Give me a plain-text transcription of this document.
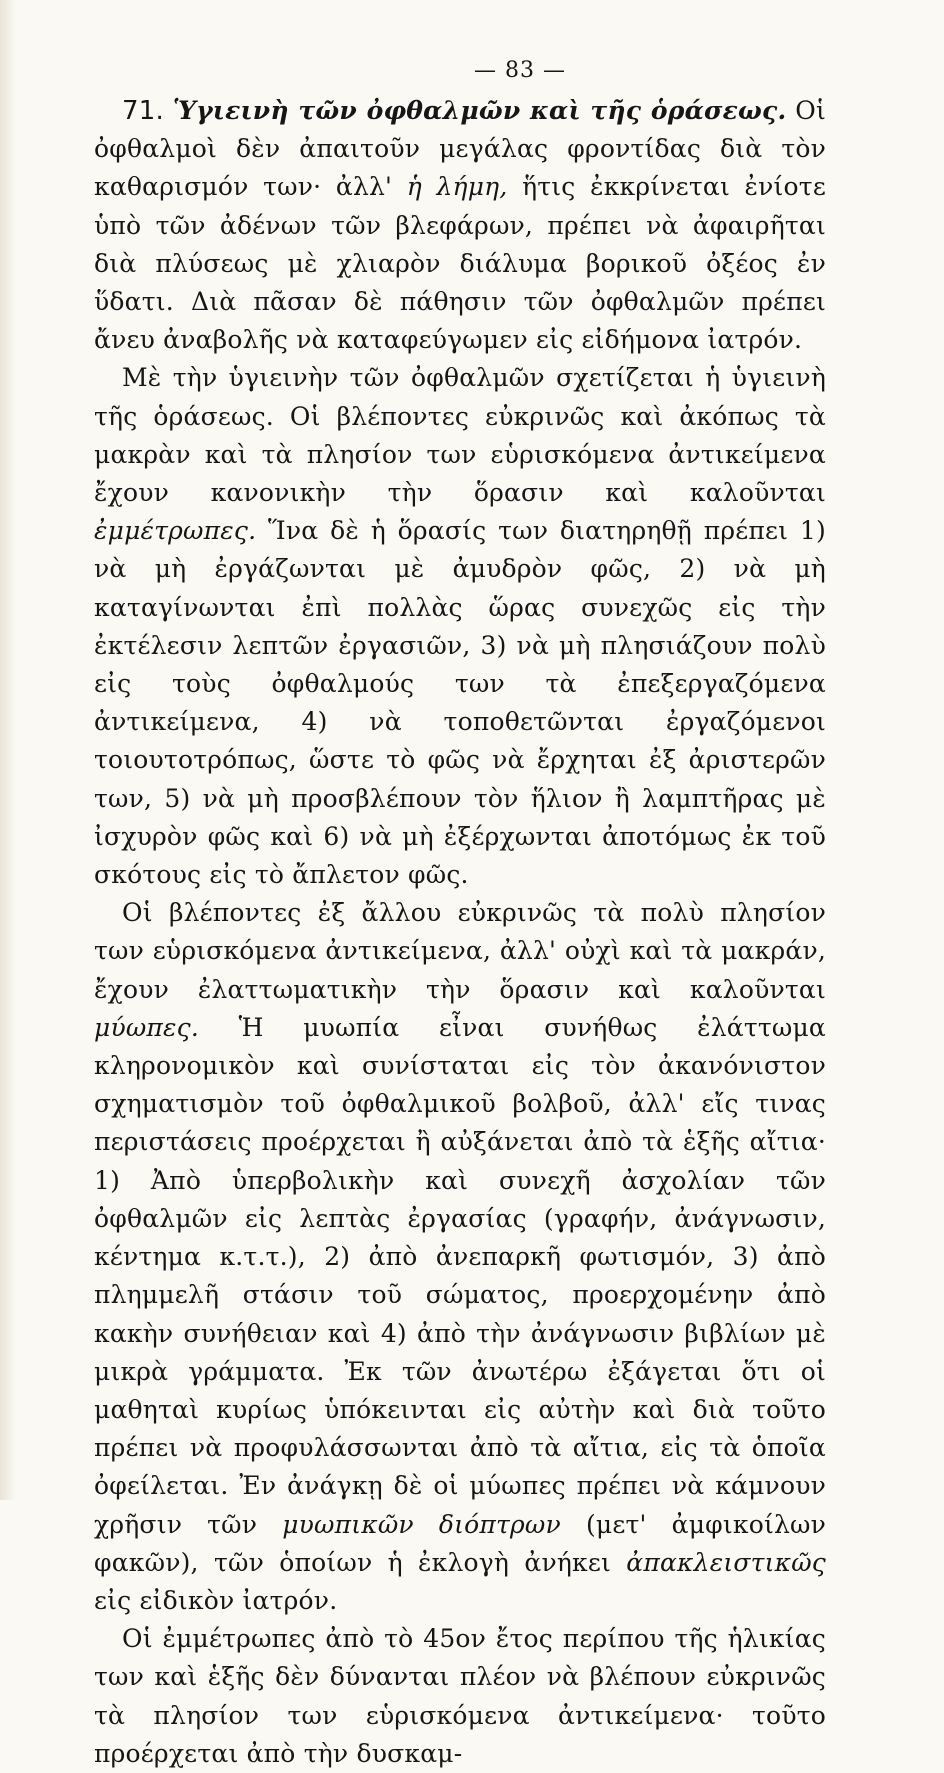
— 83 —

71. Ὑγιεινὴ τῶν ὀφθαλμῶν καὶ τῆς ὁράσεως. Οἱ ὀφθαλμοὶ δὲν ἀπαιτοῦν μεγάλας φροντίδας διὰ τὸν καθαρισμόν των· ἀλλ' ἡ λήμη, ἥτις ἐκκρίνεται ἐνίοτε ὑπὸ τῶν ἀδένων τῶν βλεφάρων, πρέπει νὰ ἀφαιρῆται διὰ πλύσεως μὲ χλιαρὸν διάλυμα βορικοῦ ὀξέος ἐν ὕδατι. Διὰ πᾶσαν δὲ πάθησιν τῶν ὀφθαλμῶν πρέπει ἄνευ ἀναβολῆς νὰ καταφεύγωμεν εἰς εἰδήμονα ἰατρόν.

Μὲ τὴν ὑγιεινὴν τῶν ὀφθαλμῶν σχετίζεται ἡ ὑγιεινὴ τῆς ὁράσεως. Οἱ βλέποντες εὐκρινῶς καὶ ἀκόπως τὰ μακρὰν καὶ τὰ πλησίον των εὑρισκόμενα ἀντικείμενα ἔχουν κανονικὴν τὴν ὅρασιν καὶ καλοῦνται ἐμμέτρωπες. Ἵνα δὲ ἡ ὅρασίς των διατηρηθῇ πρέπει 1) νὰ μὴ ἐργάζωνται μὲ ἀμυδρὸν φῶς, 2) νὰ μὴ καταγίνωνται ἐπὶ πολλὰς ὥρας συνεχῶς εἰς τὴν ἐκτέλεσιν λεπτῶν ἐργασιῶν, 3) νὰ μὴ πλησιάζουν πολὺ εἰς τοὺς ὀφθαλμούς των τὰ ἐπεξεργαζόμενα ἀντικείμενα, 4) νὰ τοποθετῶνται ἐργαζόμενοι τοιουτοτρόπως, ὥστε τὸ φῶς νὰ ἔρχηται ἐξ ἀριστερῶν των, 5) νὰ μὴ προσβλέπουν τὸν ἥλιον ἢ λαμπτῆρας μὲ ἰσχυρὸν φῶς καὶ 6) νὰ μὴ ἐξέρχωνται ἀποτόμως ἐκ τοῦ σκότους εἰς τὸ ἄπλετον φῶς.

Οἱ βλέποντες ἐξ ἄλλου εὐκρινῶς τὰ πολὺ πλησίον των εὑρισκόμενα ἀντικείμενα, ἀλλ' οὐχὶ καὶ τὰ μακράν, ἔχουν ἐλαττωματικὴν τὴν ὅρασιν καὶ καλοῦνται μύωπες. Ἡ μυωπία εἶναι συνήθως ἐλάττωμα κληρονομικὸν καὶ συνίσταται εἰς τὸν ἀκανόνιστον σχηματισμὸν τοῦ ὀφθαλμικοῦ βολβοῦ, ἀλλ' εἴς τινας περιστάσεις προέρχεται ἢ αὐξάνεται ἀπὸ τὰ ἑξῆς αἴτια· 1) Ἀπὸ ὑπερβολικὴν καὶ συνεχῆ ἀσχολίαν τῶν ὀφθαλμῶν εἰς λεπτὰς ἐργασίας (γραφήν, ἀνάγνωσιν, κέντημα κ.τ.τ.), 2) ἀπὸ ἀνεπαρκῆ φωτισμόν, 3) ἀπὸ πλημμελῆ στάσιν τοῦ σώματος, προερχομένην ἀπὸ κακὴν συνήθειαν καὶ 4) ἀπὸ τὴν ἀνάγνωσιν βιβλίων μὲ μικρὰ γράμματα. Ἐκ τῶν ἀνωτέρω ἐξάγεται ὅτι οἱ μαθηταὶ κυρίως ὑπόκεινται εἰς αὐτὴν καὶ διὰ τοῦτο πρέπει νὰ προφυλάσσωνται ἀπὸ τὰ αἴτια, εἰς τὰ ὁποῖα ὀφείλεται. Ἐν ἀνάγκῃ δὲ οἱ μύωπες πρέπει νὰ κάμνουν χρῆσιν τῶν μυωπικῶν διόπτρων (μετ' ἀμφικοίλων φακῶν), τῶν ὁποίων ἡ ἐκλογὴ ἀνήκει ἀπακλειστικῶς εἰς εἰδικὸν ἰατρόν.

Οἱ ἐμμέτρωπες ἀπὸ τὸ 45ον ἔτος περίπου τῆς ἡλικίας των καὶ ἑξῆς δὲν δύνανται πλέον νὰ βλέπουν εὐκρινῶς τὰ πλησίον των εὑρισκόμενα ἀντικείμενα· τοῦτο προέρχεται ἀπὸ τὴν δυσκαμ-
